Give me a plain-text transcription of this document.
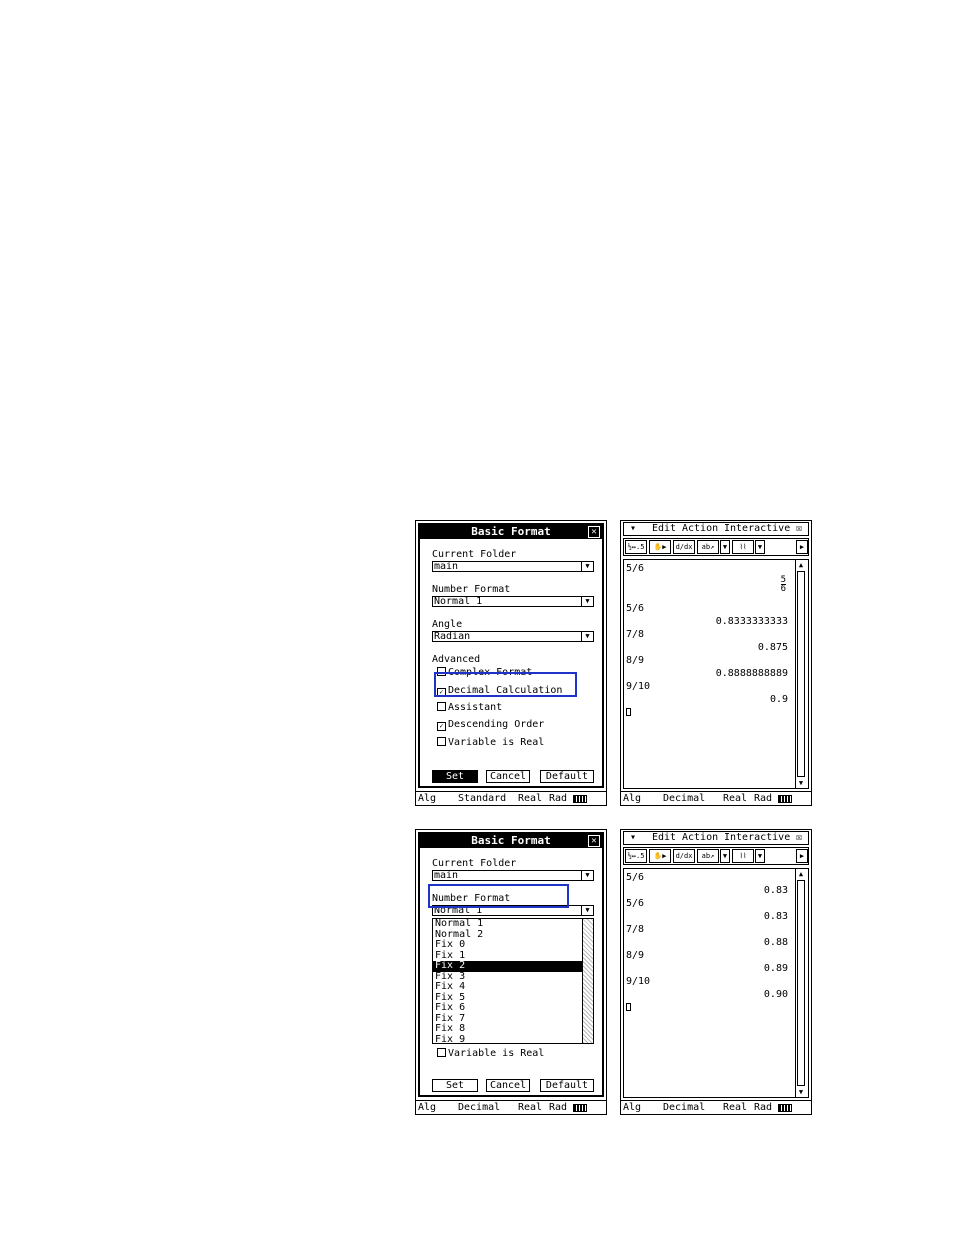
Basic Format	✕
Current Folder
main	▼
Number Format
Normal 1	▼
Angle
Radian	▼
Advanced
Complex Format
✓ Decimal Calculation
Assistant
✓ Descending Order
Variable is Real
Set	Cancel	Default
Alg Standard Real Rad
▾ Edit Action Interactive ☒
½↔.5	✋▶	d/dx	ab↗	▼	⌇⌇	▼	▶
5/6
$\frac{5}{6}$
5/6
0.8333333333
7/8
0.875
8/9
0.8888888889
9/10
0.9
▲
▼
Alg Decimal Real Rad
Basic Format	✕
Current Folder
main	▼
Number Format
Normal 1	▼
Normal 1
Normal 2
Fix 0
Fix 1
Fix 2
Fix 3
Fix 4
Fix 5
Fix 6
Fix 7
Fix 8
Fix 9
Variable is Real
Set	Cancel	Default
Alg Decimal Real Rad
▾ Edit Action Interactive ☒
½↔.5	✋▶	d/dx	ab↗	▼	⌇⌇	▼	▶
5/6
0.83
5/6
0.83
7/8
0.88
8/9
0.89
9/10
0.90
▲
▼
Alg Decimal Real Rad
